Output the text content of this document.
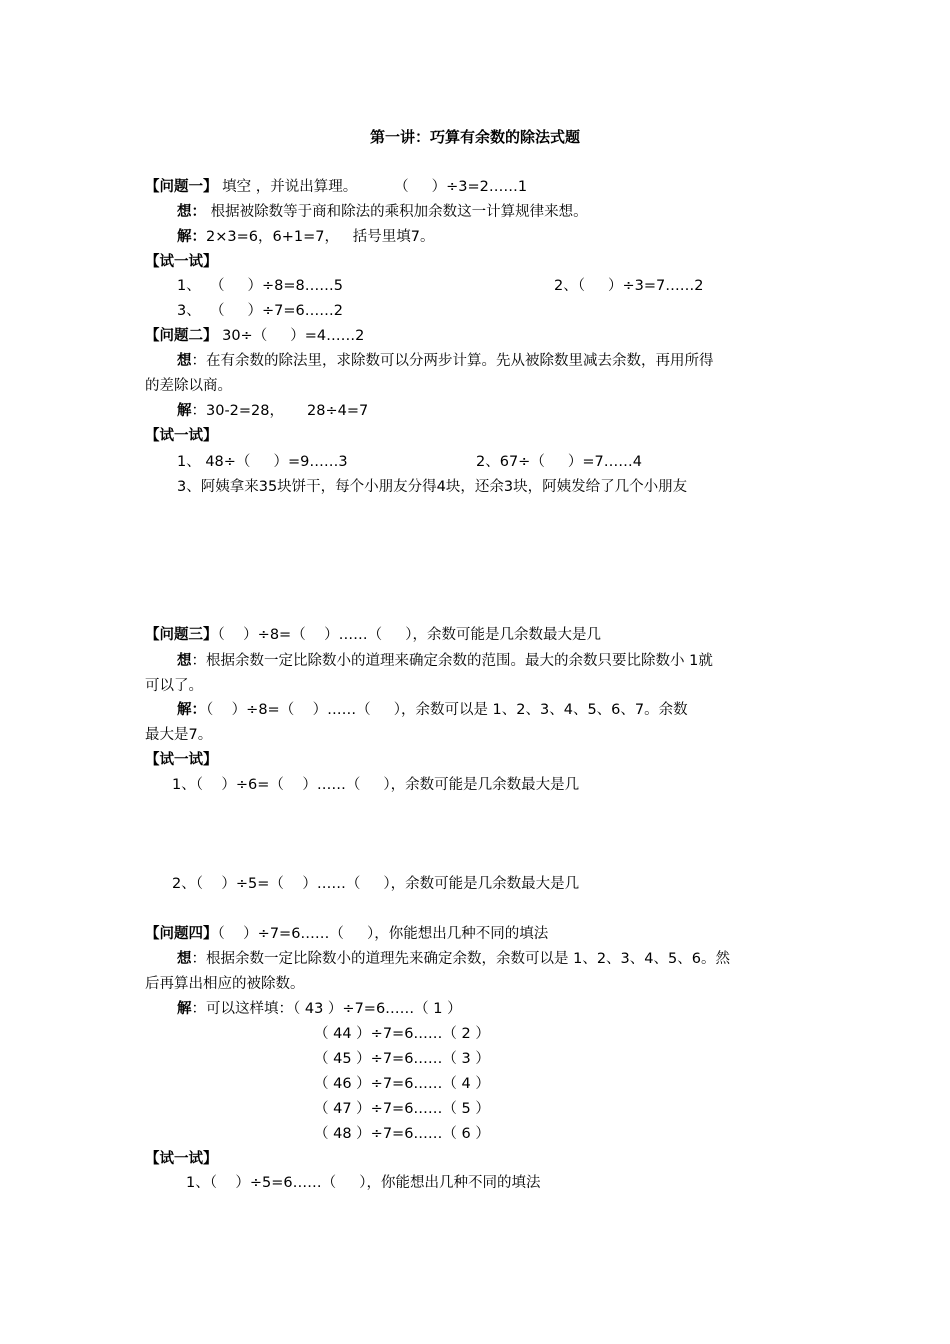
第一讲：巧算有余数的除法式题
【问题一】 填空 ，并说出算理。        （     ）÷3=2……1
想： 根据被除数等于商和除法的乘积加余数这一计算规律来想。
解：2×3=6，6+1=7，   括号里填7。
【试一试】
1、  （     ）÷8=8……5	2、（     ）÷3=7……2
3、  （     ）÷7=6……2
【问题二】 30÷（     ）=4……2
想：在有余数的除法里，求除数可以分两步计算。先从被除数里减去余数，再用所得
的差除以商。
解：30-2=28，     28÷4=7
【试一试】
1、 48÷（     ）=9……3	2、67÷（     ）=7……4
3、阿姨拿来35块饼干，每个小朋友分得4块，还余3块，阿姨发给了几个小朋友
【问题三】（    ）÷8=（    ）……（     ），余数可能是几余数最大是几
想：根据余数一定比除数小的道理来确定余数的范围。最大的余数只要比除数小 1就
可以了。
解：（    ）÷8=（    ）……（     ），余数可以是 1、2、3、4、5、6、7。余数
最大是7。
【试一试】
1、（    ）÷6=（    ）……（     ），余数可能是几余数最大是几
2、（    ）÷5=（    ）……（     ），余数可能是几余数最大是几
【问题四】（    ）÷7=6……（     ），你能想出几种不同的填法
想：根据余数一定比除数小的道理先来确定余数，余数可以是 1、2、3、4、5、6。然
后再算出相应的被除数。
解：可以这样填：（ 43 ）÷7=6……（ 1 ）
（ 44 ）÷7=6……（ 2 ）
（ 45 ）÷7=6……（ 3 ）
（ 46 ）÷7=6……（ 4 ）
（ 47 ）÷7=6……（ 5 ）
（ 48 ）÷7=6……（ 6 ）
【试一试】
1、（    ）÷5=6……（     ），你能想出几种不同的填法
